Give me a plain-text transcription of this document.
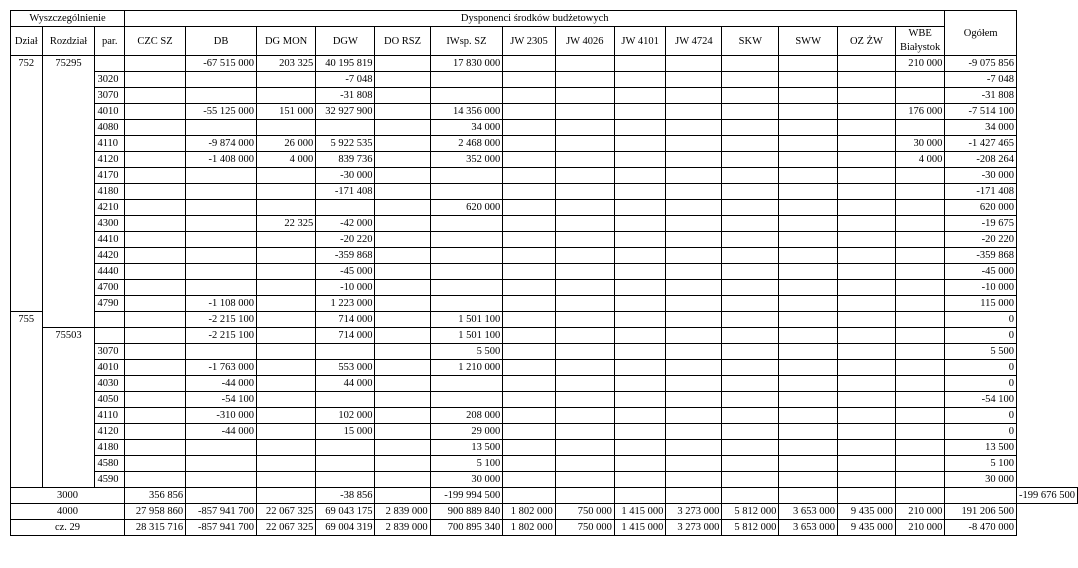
Wyszczególnienie			Dysponenci środków budżetowych														Ogółem	
Dział	Rozdział	par.	CZC SZ	DB	DG MON	DGW	DO RSZ	IWsp. SZ	JW 2305	JW 4026	JW 4101	JW 4724	SKW	SWW	OZ ŻW	WBE
Białystok		
752	75295			-67 515 000	203 325	40 195 819		17 830 000								210 000	-9 075 856	
		3020				-7 048											-7 048	
		3070				-31 808											-31 808	
		4010		-55 125 000	151 000	32 927 900		14 356 000								176 000	-7 514 100	
		4080						34 000									34 000	
		4110		-9 874 000	26 000	5 922 535		2 468 000								30 000	-1 427 465	
		4120		-1 408 000	4 000	839 736		352 000								4 000	-208 264	
		4170				-30 000											-30 000	
		4180				-171 408											-171 408	
		4210						620 000									620 000	
		4300			22 325	-42 000											-19 675	
		4410				-20 220											-20 220	
		4420				-359 868											-359 868	
		4440				-45 000											-45 000	
		4700				-10 000											-10 000	
		4790		-1 108 000		1 223 000											115 000	
755				-2 215 100		714 000		1 501 100									0	
	75503			-2 215 100		714 000		1 501 100									0	
		3070						5 500									5 500	
		4010		-1 763 000		553 000		1 210 000									0	
		4030		-44 000		44 000											0	
		4050		-54 100													-54 100	
		4110		-310 000		102 000		208 000									0	
		4120		-44 000		15 000		29 000									0	
		4180						13 500									13 500	
		4580						5 100									5 100	
		4590						30 000									30 000	
3000			356 856			-38 856		-199 994 500										-199 676 500
4000			27 958 860	-857 941 700	22 067 325	69 043 175	2 839 000	900 889 840	1 802 000	750 000	1 415 000	3 273 000	5 812 000	3 653 000	9 435 000	210 000	191 206 500	
cz. 29			28 315 716	-857 941 700	22 067 325	69 004 319	2 839 000	700 895 340	1 802 000	750 000	1 415 000	3 273 000	5 812 000	3 653 000	9 435 000	210 000	-8 470 000	
